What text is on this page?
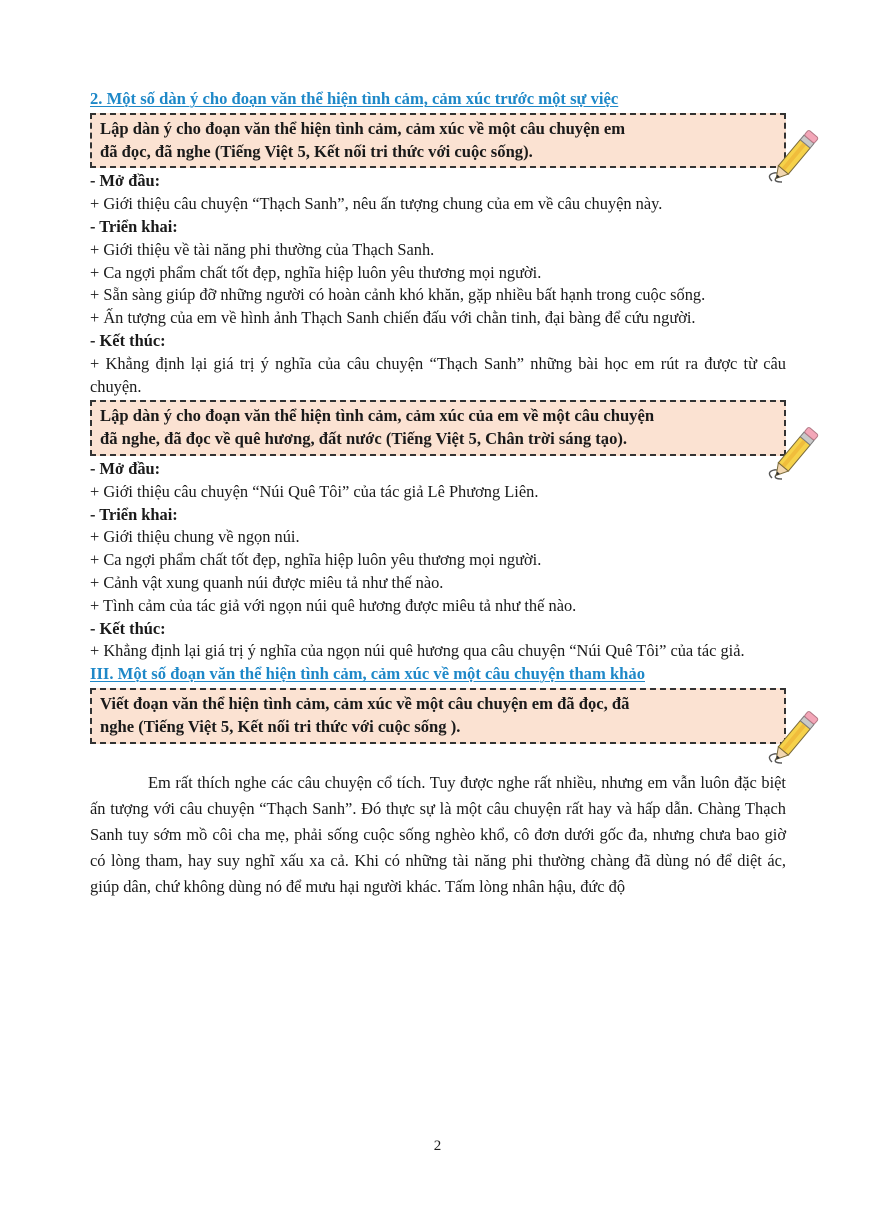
2. Một số dàn ý cho đoạn văn thể hiện tình cảm, cảm xúc trước một sự việc

Lập dàn ý cho đoạn văn thể hiện tình cảm, cảm xúc về một câu chuyện em

đã đọc, đã nghe (Tiếng Việt 5, Kết nối tri thức với cuộc sống).

- Mở đầu:

+ Giới thiệu câu chuyện “Thạch Sanh”, nêu ấn tượng chung của em về câu chuyện này.

- Triển khai:

+ Giới thiệu về tài năng phi thường của Thạch Sanh.

+ Ca ngợi phẩm chất tốt đẹp, nghĩa hiệp luôn yêu thương mọi người.

+ Sẵn sàng giúp đỡ những người có hoàn cảnh khó khăn, gặp nhiều bất hạnh trong cuộc sống.

+ Ấn tượng của em về hình ảnh Thạch Sanh chiến đấu với chằn tinh, đại bàng để cứu người.

- Kết thúc:

+ Khẳng định lại giá trị ý nghĩa của câu chuyện “Thạch Sanh” những bài học em rút ra được từ câu chuyện.

Lập dàn ý cho đoạn văn thể hiện tình cảm, cảm xúc của em về một câu chuyện

đã nghe, đã đọc về quê hương, đất nước (Tiếng Việt 5, Chân trời sáng tạo).

- Mở đầu:

+ Giới thiệu câu chuyện “Núi Quê Tôi” của tác giả Lê Phương Liên.

- Triển khai:

+ Giới thiệu chung về ngọn núi.

+ Ca ngợi phẩm chất tốt đẹp, nghĩa hiệp luôn yêu thương mọi người.

+ Cảnh vật xung quanh núi được miêu tả như thế nào.

+ Tình cảm của tác giả với ngọn núi quê hương được miêu tả như thế nào.

- Kết thúc:

+ Khẳng định lại giá trị ý nghĩa của ngọn núi quê hương qua câu chuyện “Núi Quê Tôi” của tác giả.

III. Một số đoạn văn thể hiện tình cảm, cảm xúc về một câu chuyện tham khảo

Viết đoạn văn thể hiện tình cảm, cảm xúc về một câu chuyện em đã đọc, đã

nghe (Tiếng Việt 5, Kết nối tri thức với cuộc sống ).

Em rất thích nghe các câu chuyện cổ tích. Tuy được nghe rất nhiều, nhưng em vẫn luôn đặc biệt ấn tượng với câu chuyện “Thạch Sanh”. Đó thực sự là một câu chuyện rất hay và hấp dẫn. Chàng Thạch Sanh tuy sớm mồ côi cha mẹ, phải sống cuộc sống nghèo khổ, cô đơn dưới gốc đa, nhưng chưa bao giờ có lòng tham, hay suy nghĩ xấu xa cả. Khi có những tài năng phi thường chàng đã dùng nó để diệt ác, giúp dân, chứ không dùng nó để mưu hại người khác. Tấm lòng nhân hậu, đức độ

2
